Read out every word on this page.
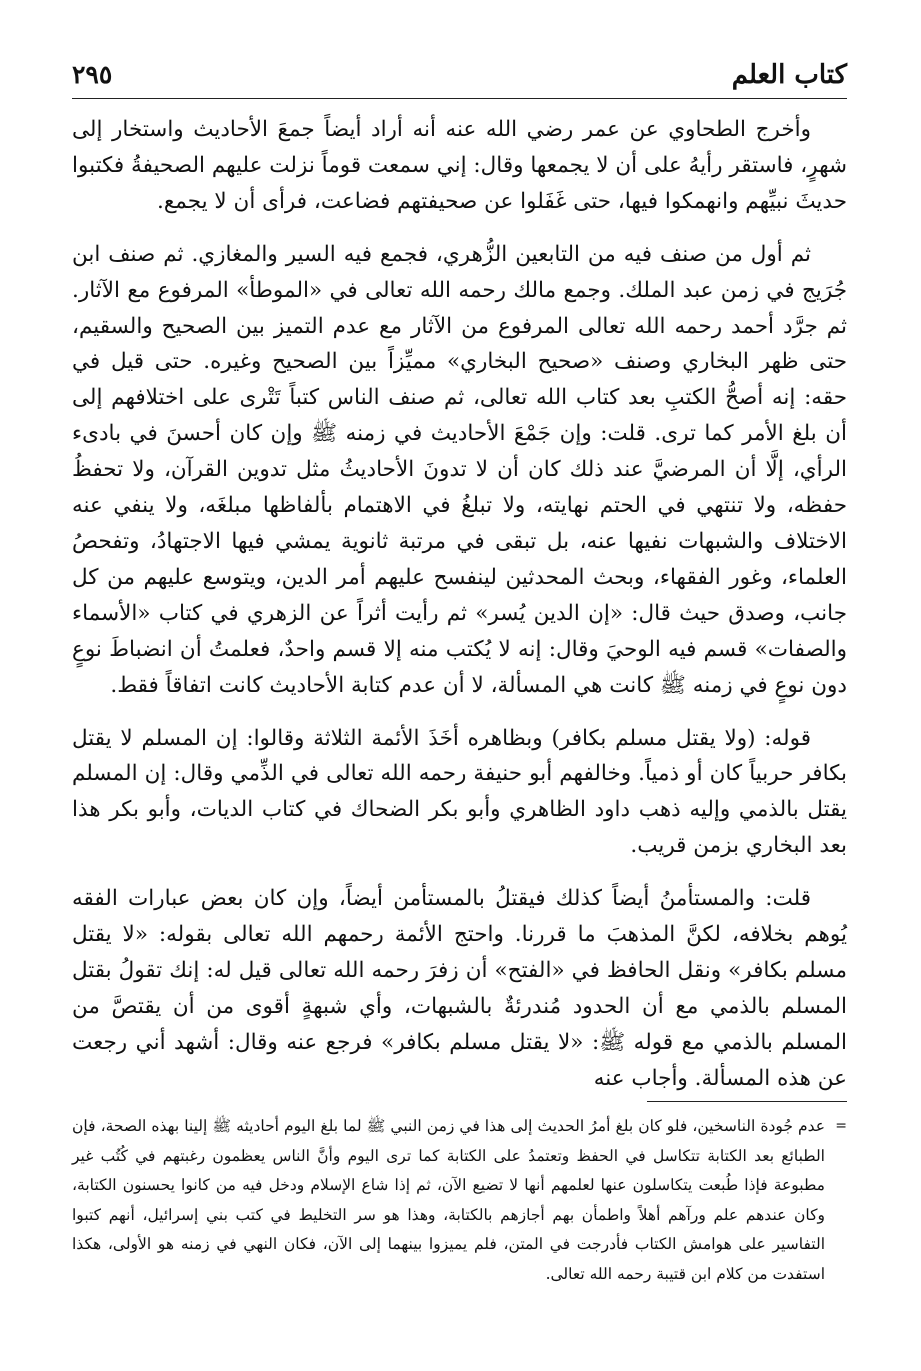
كتاب العلم
٢٩٥

وأخرج الطحاوي عن عمر رضي الله عنه أنه أراد أيضاً جمعَ الأحاديث واستخار إلى شهرٍ، فاستقر رأيهُ على أن لا يجمعها وقال: إني سمعت قوماً نزلت عليهم الصحيفةُ فكتبوا حديثَ نبيِّهم وانهمكوا فيها، حتى غَفَلوا عن صحيفتهم فضاعت، فرأى أن لا يجمع.

ثم أول من صنف فيه من التابعين الزُّهري، فجمع فيه السير والمغازي. ثم صنف ابن جُرَيج في زمن عبد الملك. وجمع مالك رحمه الله تعالى في «الموطأ» المرفوع مع الآثار. ثم جرَّد أحمد رحمه الله تعالى المرفوع من الآثار مع عدم التميز بين الصحيح والسقيم، حتى ظهر البخاري وصنف «صحيح البخاري» مميِّزاً بين الصحيح وغيره. حتى قيل في حقه: إنه أصحُّ الكتبِ بعد كتاب الله تعالى، ثم صنف الناس كتباً تَتْرى على اختلافهم إلى أن بلغ الأمر كما ترى. قلت: وإن جَمْعَ الأحاديث في زمنه ﷺ وإن كان أحسنَ في بادىء الرأي، إلَّا أن المرضيَّ عند ذلك كان أن لا تدونَ الأحاديثُ مثل تدوين القرآن، ولا تحفظُ حفظه، ولا تنتهي في الحتم نهايته، ولا تبلغُ في الاهتمام بألفاظها مبلغَه، ولا ينفي عنه الاختلاف والشبهات نفيها عنه، بل تبقى في مرتبة ثانوية يمشي فيها الاجتهادُ، وتفحصُ العلماء، وغور الفقهاء، وبحث المحدثين لينفسح عليهم أمر الدين، ويتوسع عليهم من كل جانب، وصدق حيث قال: «إن الدين يُسر» ثم رأيت أثراً عن الزهري في كتاب «الأسماء والصفات» قسم فيه الوحيَ وقال: إنه لا يُكتب منه إلا قسم واحدٌ، فعلمتُ أن انضباطَ نوعٍ دون نوعٍ في زمنه ﷺ كانت هي المسألة، لا أن عدم كتابة الأحاديث كانت اتفاقاً فقط.

قوله: (ولا يقتل مسلم بكافر) وبظاهره أخَذَ الأئمة الثلاثة وقالوا: إن المسلم لا يقتل بكافر حربياً كان أو ذمياً. وخالفهم أبو حنيفة رحمه الله تعالى في الذِّمي وقال: إن المسلم يقتل بالذمي وإليه ذهب داود الظاهري وأبو بكر الضحاك في كتاب الديات، وأبو بكر هذا بعد البخاري بزمن قريب.

قلت: والمستأمنُ أيضاً كذلك فيقتلُ بالمستأمن أيضاً، وإن كان بعض عبارات الفقه يُوهم بخلافه، لكنَّ المذهبَ ما قررنا. واحتج الأئمة رحمهم الله تعالى بقوله: «لا يقتل مسلم بكافر» ونقل الحافظ في «الفتح» أن زفرَ رحمه الله تعالى قيل له: إنك تقولُ بقتل المسلم بالذمي مع أن الحدود مُندرئةٌ بالشبهات، وأي شبهةٍ أقوى من أن يقتصَّ من المسلم بالذمي مع قوله ﷺ: «لا يقتل مسلم بكافر» فرجع عنه وقال: أشهد أني رجعت عن هذه المسألة. وأجاب عنه

=

عدم جُودة الناسخين، فلو كان بلغ أمرُ الحديث إلى هذا في زمن النبي ﷺ لما بلغ اليوم أحاديثه ﷺ إلينا بهذه الصحة، فإن الطبائع بعد الكتابة تتكاسل في الحفظ وتعتمدُ على الكتابة كما ترى اليوم وأنَّ الناس يعظمون رغبتهم في كُتُب غير مطبوعة فإذا طُبعت يتكاسلون عنها لعلمهم أنها لا تضيع الآن، ثم إذا شاع الإسلام ودخل فيه من كانوا يحسنون الكتابة، وكان عندهم علم ورآهم أهلاً واطمأن بهم أجازهم بالكتابة، وهذا هو سر التخليط في كتب بني إسرائيل، أنهم كتبوا التفاسير على هوامش الكتاب فأدرجت في المتن، فلم يميزوا بينهما إلى الآن، فكان النهي في زمنه هو الأولى، هكذا استفدت من كلام ابن قتيبة رحمه الله تعالى.
